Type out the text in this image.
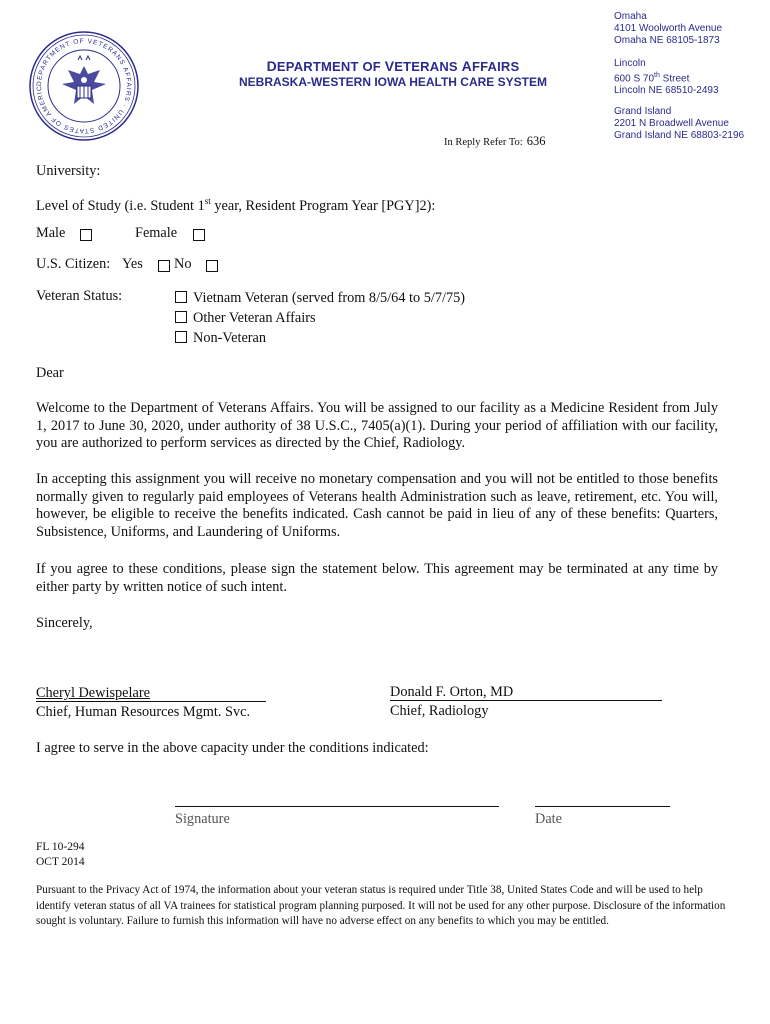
DEPARTMENT OF VETERANS AFFAIRS · UNITED STATES OF AMERIC
DEPARTMENT OF VETERANS AFFAIRS
NEBRASKA-WESTERN IOWA HEALTH CARE SYSTEM
Omaha
4101 Woolworth Avenue
Omaha NE 68105-1873
Lincoln
600 S 70th Street
Lincoln NE 68510-2493
Grand Island
2201 N Broadwell Avenue
Grand Island NE 68803-2196
In Reply Refer To: 636
University:
Level of Study (i.e. Student 1st year, Resident Program Year [PGY]2):
Male	Female
U.S. Citizen: Yes No
Veteran Status:	Vietnam Veteran (served from 8/5/64 to 5/7/75)
Other Veteran Affairs
Non-Veteran
Dear
Welcome to the Department of Veterans Affairs. You will be assigned to our facility as a Medicine Resident from July 1, 2017 to June 30, 2020, under authority of 38 U.S.C., 7405(a)(1). During your period of affiliation with our facility, you are authorized to perform services as directed by the Chief, Radiology.
In accepting this assignment you will receive no monetary compensation and you will not be entitled to those benefits normally given to regularly paid employees of Veterans health Administration such as leave, retirement, etc. You will, however, be eligible to receive the benefits indicated. Cash cannot be paid in lieu of any of these benefits: Quarters, Subsistence, Uniforms, and Laundering of Uniforms.
If you agree to these conditions, please sign the statement below. This agreement may be terminated at any time by either party by written notice of such intent.
Sincerely,
Cheryl Dewispelare
Chief, Human Resources Mgmt. Svc.
Donald F. Orton, MD
Chief, Radiology
I agree to serve in the above capacity under the conditions indicated:
Signature	Date
FL 10-294
OCT 2014
Pursuant to the Privacy Act of 1974, the information about your veteran status is required under Title 38, United States Code and will be used to help identify veteran status of all VA trainees for statistical program planning purposed. It will not be used for any other purpose. Disclosure of the information sought is voluntary. Failure to furnish this information will have no adverse effect on any benefits to which you may be entitled.
